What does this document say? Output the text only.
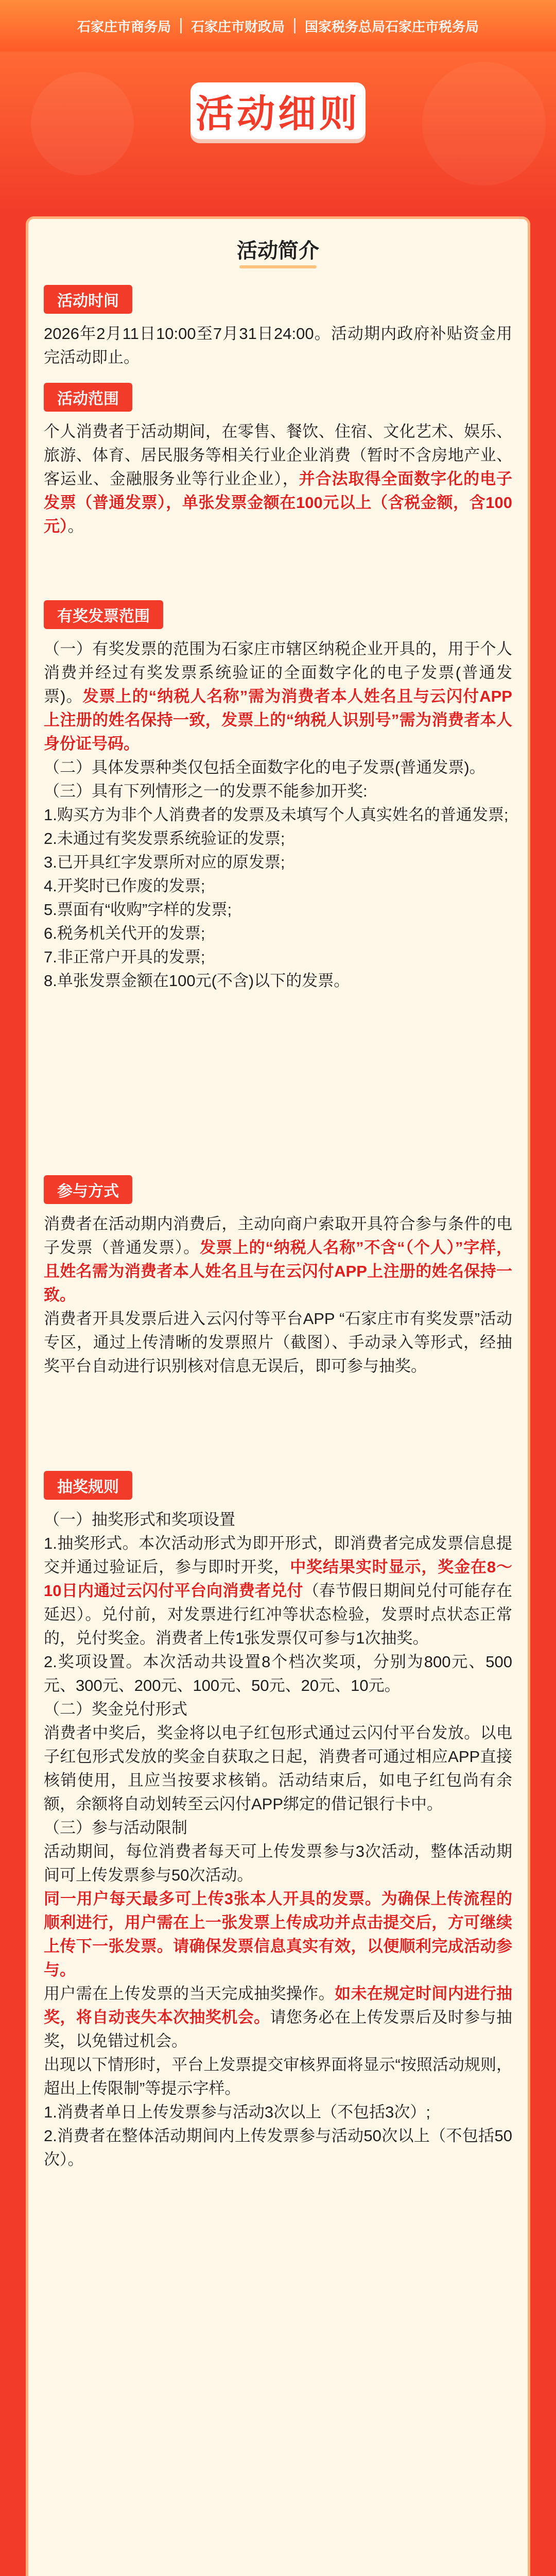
石家庄市商务局	石家庄市财政局	国家税务总局石家庄市税务局
活动细则
活动简介
活动时间

2026年2月11日10:00至7月31日24:00。活动期内政府补贴资金用完活动即止。

活动范围

个人消费者于活动期间，在零售、餐饮、住宿、文化艺术、娱乐、旅游、体育、居民服务等相关行业企业消费（暂时不含房地产业、客运业、金融服务业等行业企业），并合法取得全面数字化的电子发票（普通发票），单张发票金额在100元以上（含税金额，含100元）。

有奖发票范围

（一）有奖发票的范围为石家庄市辖区纳税企业开具的，用于个人消费并经过有奖发票系统验证的全面数字化的电子发票(普通发票)。发票上的“纳税人名称”需为消费者本人姓名且与云闪付APP上注册的姓名保持一致，发票上的“纳税人识别号”需为消费者本人身份证号码。

（二）具体发票种类仅包括全面数字化的电子发票(普通发票)。

（三）具有下列情形之一的发票不能参加开奖:

1.购买方为非个人消费者的发票及未填写个人真实姓名的普通发票;

2.未通过有奖发票系统验证的发票;

3.已开具红字发票所对应的原发票;

4.开奖时已作废的发票;

5.票面有“收购”字样的发票;

6.税务机关代开的发票;

7.非正常户开具的发票;

8.单张发票金额在100元(不含)以下的发票。

参与方式

消费者在活动期内消费后，主动向商户索取开具符合参与条件的电子发票（普通发票）。发票上的“纳税人名称”不含“（个人）”字样，且姓名需为消费者本人姓名且与在云闪付APP上注册的姓名保持一致。

消费者开具发票后进入云闪付等平台APP “石家庄市有奖发票”活动专区，通过上传清晰的发票照片（截图）、手动录入等形式，经抽奖平台自动进行识别核对信息无误后，即可参与抽奖。

抽奖规则

（一）抽奖形式和奖项设置

1.抽奖形式。本次活动形式为即开形式，即消费者完成发票信息提交并通过验证后，参与即时开奖，中奖结果实时显示，奖金在8～10日内通过云闪付平台向消费者兑付（春节假日期间兑付可能存在延迟）。兑付前，对发票进行红冲等状态检验，发票时点状态正常的，兑付奖金。消费者上传1张发票仅可参与1次抽奖。

2.奖项设置。本次活动共设置8个档次奖项，分别为800元、500元、300元、200元、100元、50元、20元、10元。

（二）奖金兑付形式

消费者中奖后，奖金将以电子红包形式通过云闪付平台发放。以电子红包形式发放的奖金自获取之日起，消费者可通过相应APP直接核销使用，且应当按要求核销。活动结束后，如电子红包尚有余额，余额将自动划转至云闪付APP绑定的借记银行卡中。

（三）参与活动限制

活动期间，每位消费者每天可上传发票参与3次活动，整体活动期间可上传发票参与50次活动。

同一用户每天最多可上传3张本人开具的发票。为确保上传流程的顺利进行，用户需在上一张发票上传成功并点击提交后，方可继续上传下一张发票。请确保发票信息真实有效，以便顺利完成活动参与。

用户需在上传发票的当天完成抽奖操作。如未在规定时间内进行抽奖，将自动丧失本次抽奖机会。请您务必在上传发票后及时参与抽奖，以免错过机会。

出现以下情形时，平台上发票提交审核界面将显示“按照活动规则，超出上传限制”等提示字样。

1.消费者单日上传发票参与活动3次以上（不包括3次）;

2.消费者在整体活动期间内上传发票参与活动50次以上（不包括50次）。
